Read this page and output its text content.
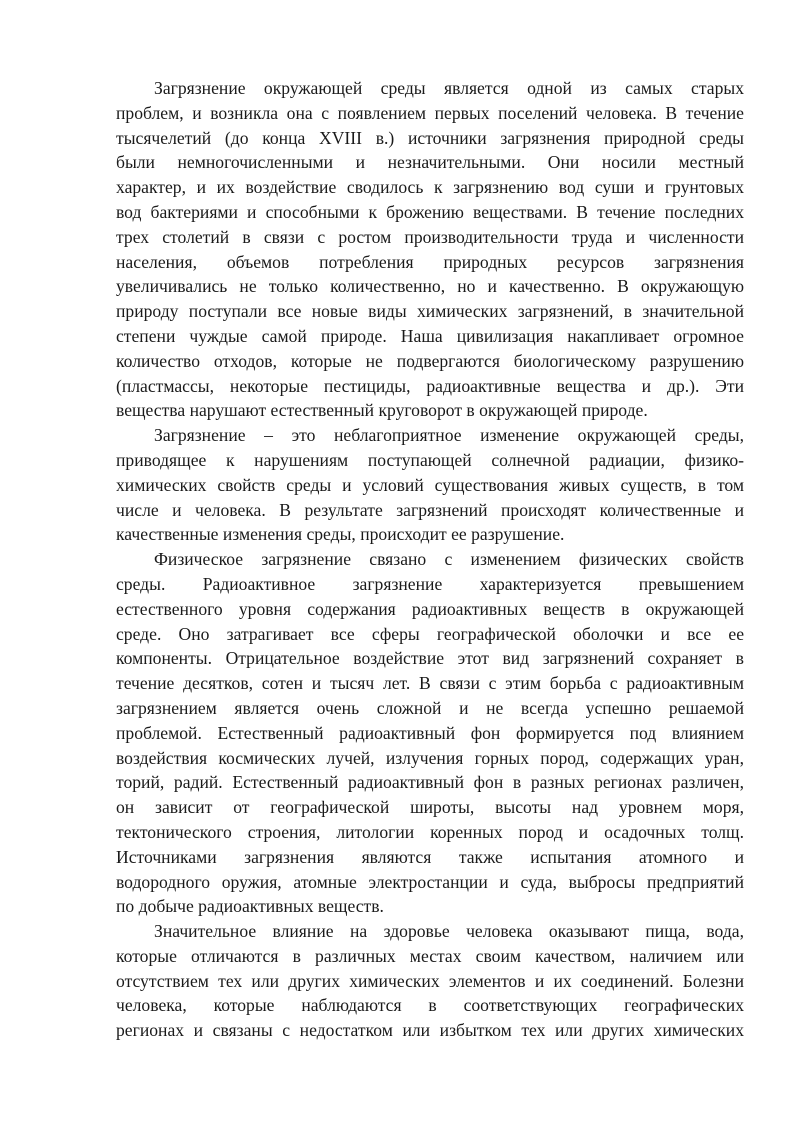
Загрязнение окружающей среды является одной из самых старых
проблем, и возникла она с появлением первых поселений человека. В течение
тысячелетий (до конца XVIII в.) источники загрязнения природной среды
были немногочисленными и незначительными. Они носили местный
характер, и их воздействие сводилось к загрязнению вод суши и грунтовых
вод бактериями и способными к брожению веществами. В течение последних
трех столетий в связи с ростом производительности труда и численности
населения, объемов потребления природных ресурсов загрязнения
увеличивались не только количественно, но и качественно. В окружающую
природу поступали все новые виды химических загрязнений, в значительной
степени чуждые самой природе. Наша цивилизация накапливает огромное
количество отходов, которые не подвергаются биологическому разрушению
(пластмассы, некоторые пестициды, радиоактивные вещества и др.). Эти
вещества нарушают естественный круговорот в окружающей природе.
Загрязнение – это неблагоприятное изменение окружающей среды,
приводящее к нарушениям поступающей солнечной радиации, физико-
химических свойств среды и условий существования живых существ, в том
числе и человека. В результате загрязнений происходят количественные и
качественные изменения среды, происходит ее разрушение.
Физическое загрязнение связано с изменением физических свойств
среды. Радиоактивное загрязнение характеризуется превышением
естественного уровня содержания радиоактивных веществ в окружающей
среде. Оно затрагивает все сферы географической оболочки и все ее
компоненты. Отрицательное воздействие этот вид загрязнений сохраняет в
течение десятков, сотен и тысяч лет. В связи с этим борьба с радиоактивным
загрязнением является очень сложной и не всегда успешно решаемой
проблемой. Естественный радиоактивный фон формируется под влиянием
воздействия космических лучей, излучения горных пород, содержащих уран,
торий, радий. Естественный радиоактивный фон в разных регионах различен,
он зависит от географической широты, высоты над уровнем моря,
тектонического строения, литологии коренных пород и осадочных толщ.
Источниками загрязнения являются также испытания атомного и
водородного оружия, атомные электростанции и суда, выбросы предприятий
по добыче радиоактивных веществ.
Значительное влияние на здоровье человека оказывают пища, вода,
которые отличаются в различных местах своим качеством, наличием или
отсутствием тех или других химических элементов и их соединений. Болезни
человека, которые наблюдаются в соответствующих географических
регионах и связаны с недостатком или избытком тех или других химических
